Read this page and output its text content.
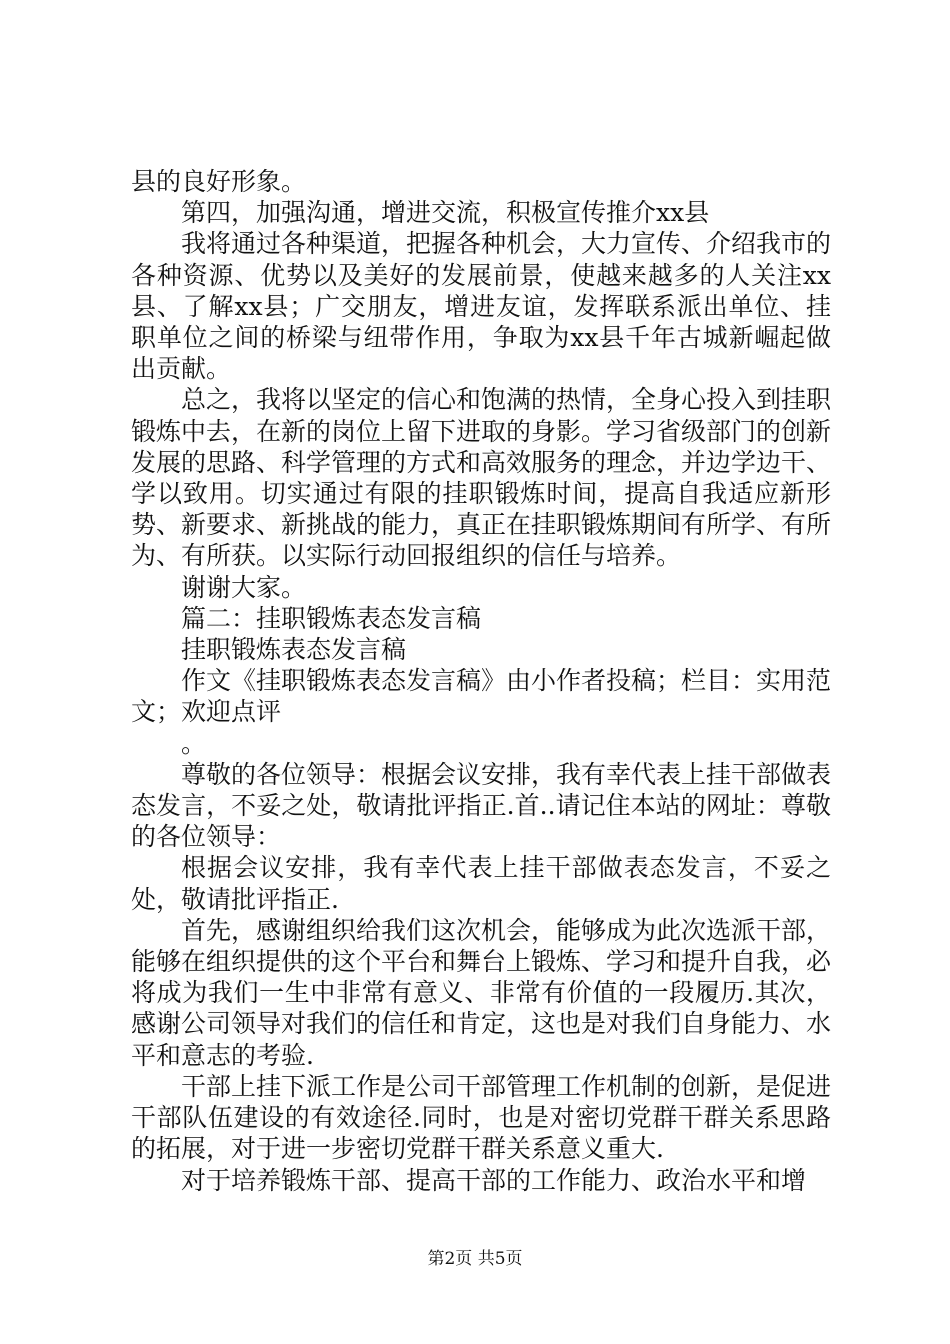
县的良好形象。

第四，加强沟通，增进交流，积极宣传推介xx县

我将通过各种渠道，把握各种机会，大力宣传、介绍我市的各种资源、优势以及美好的发展前景，使越来越多的人关注xx县、了解xx县；广交朋友，增进友谊，发挥联系派出单位、挂职单位之间的桥梁与纽带作用，争取为xx县千年古城新崛起做出贡献。

总之，我将以坚定的信心和饱满的热情，全身心投入到挂职锻炼中去，在新的岗位上留下进取的身影。学习省级部门的创新发展的思路、科学管理的方式和高效服务的理念，并边学边干、学以致用。切实通过有限的挂职锻炼时间，提高自我适应新形势、新要求、新挑战的能力，真正在挂职锻炼期间有所学、有所为、有所获。以实际行动回报组织的信任与培养。

谢谢大家。

篇二：挂职锻炼表态发言稿

挂职锻炼表态发言稿

作文《挂职锻炼表态发言稿》由小作者投稿；栏目：实用范文；欢迎点评

。

尊敬的各位领导：根据会议安排，我有幸代表上挂干部做表态发言，不妥之处，敬请批评指正.首..请记住本站的网址：尊敬的各位领导：

根据会议安排，我有幸代表上挂干部做表态发言，不妥之处，敬请批评指正.

首先，感谢组织给我们这次机会，能够成为此次选派干部，能够在组织提供的这个平台和舞台上锻炼、学习和提升自我，必将成为我们一生中非常有意义、非常有价值的一段履历.其次，感谢公司领导对我们的信任和肯定，这也是对我们自身能力、水平和意志的考验.

干部上挂下派工作是公司干部管理工作机制的创新，是促进干部队伍建设的有效途径.同时，也是对密切党群干群关系思路的拓展，对于进一步密切党群干群关系意义重大.

对于培养锻炼干部、提高干部的工作能力、政治水平和增

第2页 共5页
